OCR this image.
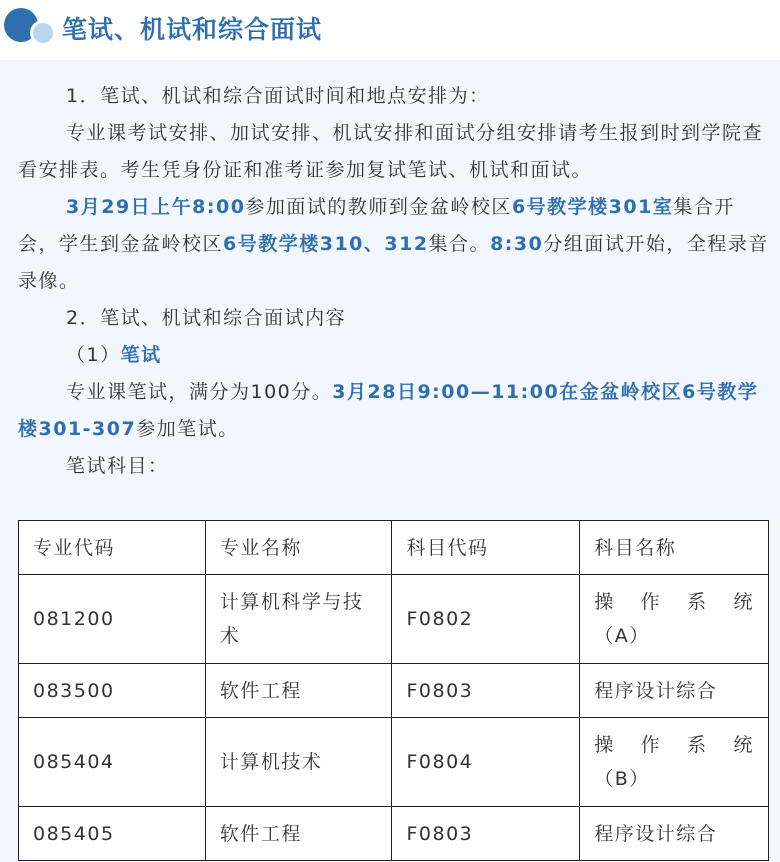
笔试、机试和综合面试

1．笔试、机试和综合面试时间和地点安排为：

专业课考试安排、加试安排、机试安排和面试分组安排请考生报到时到学院查看安排表。考生凭身份证和准考证参加复试笔试、机试和面试。

3月29日上午8:00参加面试的教师到金盆岭校区6号教学楼301室集合开会，学生到金盆岭校区6号教学楼310、312集合。8:30分组面试开始，全程录音录像。

2．笔试、机试和综合面试内容

（1）笔试

专业课笔试，满分为100分。3月28日9:00—11:00在金盆岭校区6号教学楼301-307参加笔试。

笔试科目：

专业代码	专业名称	科目代码	科目名称
081200	计算机科学与技术	F0802	操作系统
（A）

083500	软件工程	F0803	程序设计综合
085404	计算机技术	F0804	操作系统
（B）

085405	软件工程	F0803	程序设计综合
